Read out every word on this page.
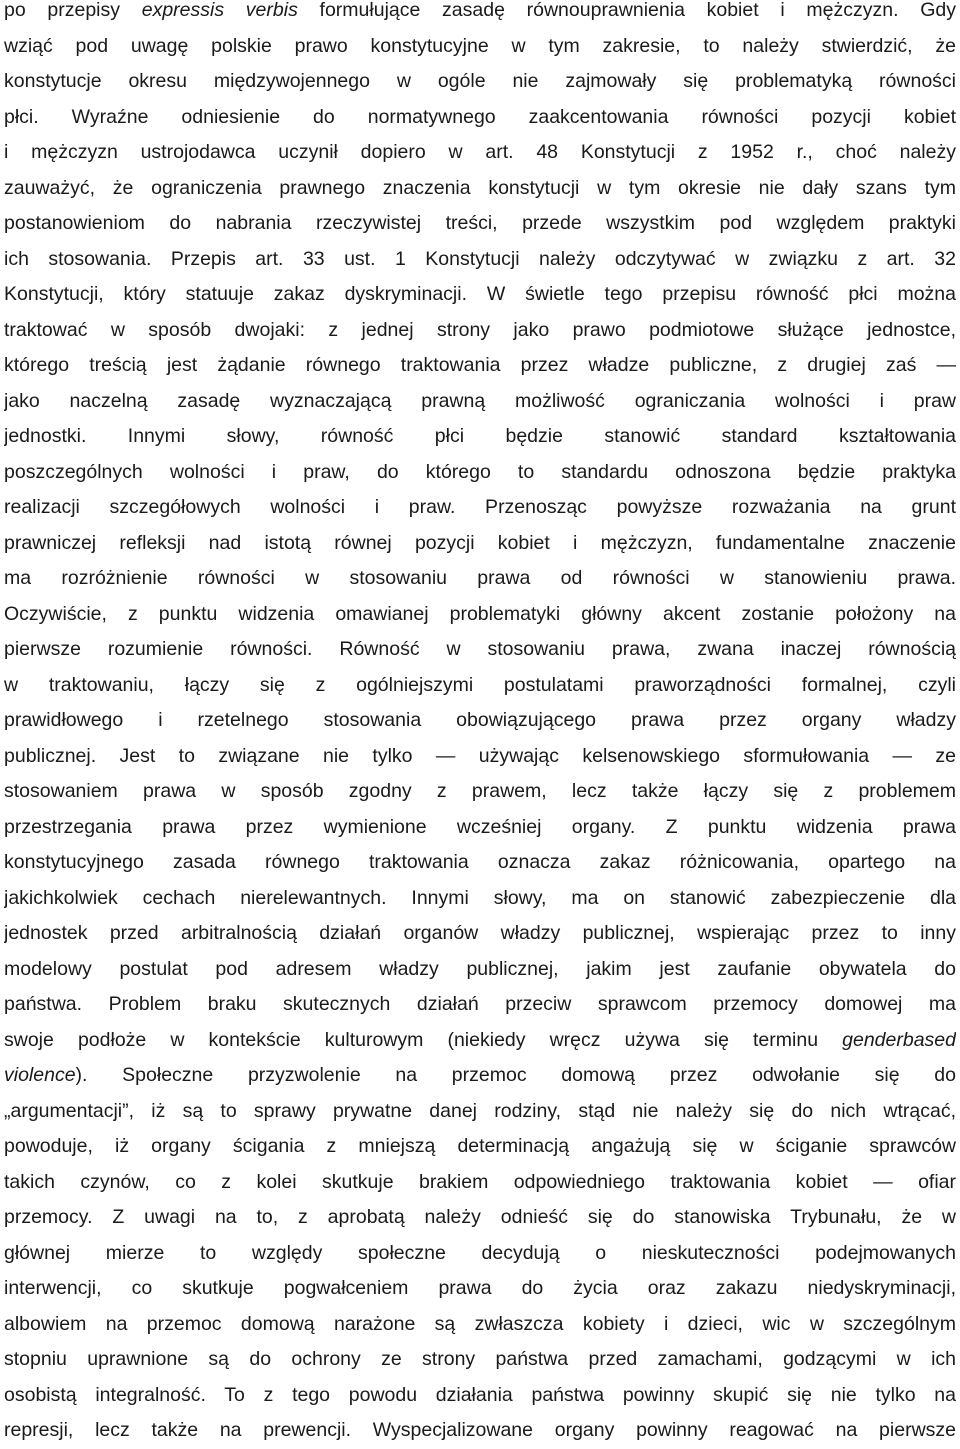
po przepisy expressis verbis formułujące zasadę równouprawnienia kobiet i mężczyzn. Gdy
wziąć pod uwagę polskie prawo konstytucyjne w tym zakresie, to należy stwierdzić, że
konstytucje okresu międzywojennego w ogóle nie zajmowały się problematyką równości
płci. Wyraźne odniesienie do normatywnego zaakcentowania równości pozycji kobiet
i mężczyzn ustrojodawca uczynił dopiero w art. 48 Konstytucji z 1952 r., choć należy
zauważyć, że ograniczenia prawnego znaczenia konstytucji w tym okresie nie dały szans tym
postanowieniom do nabrania rzeczywistej treści, przede wszystkim pod względem praktyki
ich stosowania. Przepis art. 33 ust. 1 Konstytucji należy odczytywać w związku z art. 32
Konstytucji, który statuuje zakaz dyskryminacji. W świetle tego przepisu równość płci można
traktować w sposób dwojaki: z jednej strony jako prawo podmiotowe służące jednostce,
którego treścią jest żądanie równego traktowania przez władze publiczne, z drugiej zaś —
jako naczelną zasadę wyznaczającą prawną możliwość ograniczania wolności i praw
jednostki. Innymi słowy, równość płci będzie stanowić standard kształtowania
poszczególnych wolności i praw, do którego to standardu odnoszona będzie praktyka
realizacji szczegółowych wolności i praw. Przenosząc powyższe rozważania na grunt
prawniczej refleksji nad istotą równej pozycji kobiet i mężczyzn, fundamentalne znaczenie
ma rozróżnienie równości w stosowaniu prawa od równości w stanowieniu prawa.
Oczywiście, z punktu widzenia omawianej problematyki główny akcent zostanie położony na
pierwsze rozumienie równości. Równość w stosowaniu prawa, zwana inaczej równością
w traktowaniu, łączy się z ogólniejszymi postulatami praworządności formalnej, czyli
prawidłowego i rzetelnego stosowania obowiązującego prawa przez organy władzy
publicznej. Jest to związane nie tylko — używając kelsenowskiego sformułowania — ze
stosowaniem prawa w sposób zgodny z prawem, lecz także łączy się z problemem
przestrzegania prawa przez wymienione wcześniej organy. Z punktu widzenia prawa
konstytucyjnego zasada równego traktowania oznacza zakaz różnicowania, opartego na
jakichkolwiek cechach nierelewantnych. Innymi słowy, ma on stanowić zabezpieczenie dla
jednostek przed arbitralnością działań organów władzy publicznej, wspierając przez to inny
modelowy postulat pod adresem władzy publicznej, jakim jest zaufanie obywatela do
państwa. Problem braku skutecznych działań przeciw sprawcom przemocy domowej ma
swoje podłoże w kontekście kulturowym (niekiedy wręcz używa się terminu genderbased
violence). Społeczne przyzwolenie na przemoc domową przez odwołanie się do
„argumentacji”, iż są to sprawy prywatne danej rodziny, stąd nie należy się do nich wtrącać,
powoduje, iż organy ścigania z mniejszą determinacją angażują się w ściganie sprawców
takich czynów, co z kolei skutkuje brakiem odpowiedniego traktowania kobiet — ofiar
przemocy. Z uwagi na to, z aprobatą należy odnieść się do stanowiska Trybunału, że w
głównej mierze to względy społeczne decydują o nieskuteczności podejmowanych
interwencji, co skutkuje pogwałceniem prawa do życia oraz zakazu niedyskryminacji,
albowiem na przemoc domową narażone są zwłaszcza kobiety i dzieci, wic w szczególnym
stopniu uprawnione są do ochrony ze strony państwa przed zamachami, godzącymi w ich
osobistą integralność. To z tego powodu działania państwa powinny skupić się nie tylko na
represji, lecz także na prewencji. Wyspecjalizowane organy powinny reagować na pierwsze
